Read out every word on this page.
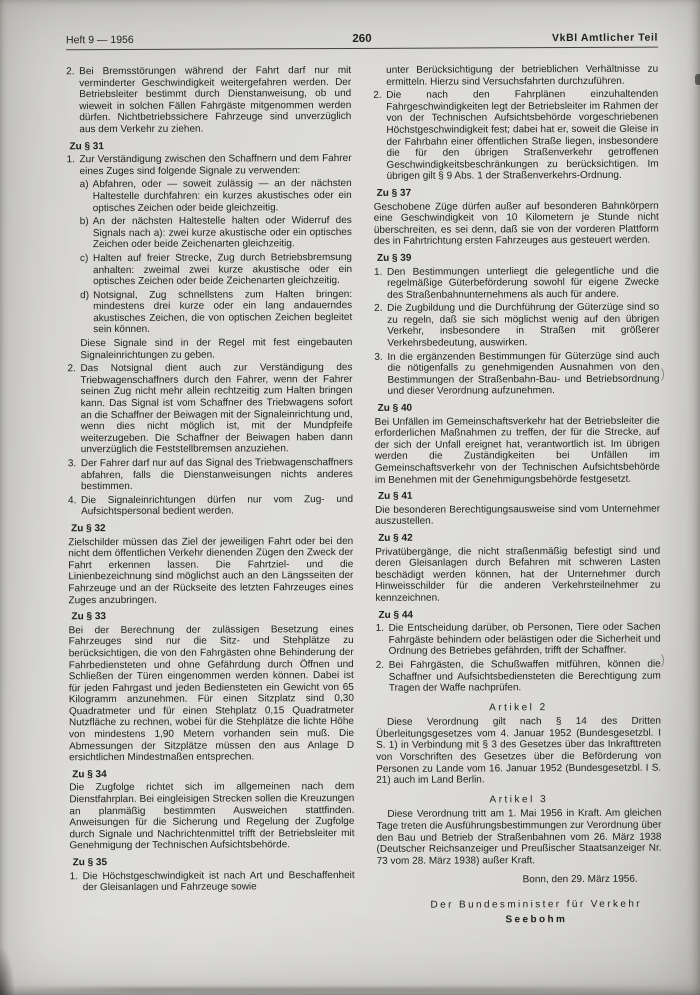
Heft 9 — 1956	260	VkBl Amtlicher Teil
2. Bei Bremsstörungen während der Fahrt darf nur mit verminderter Geschwindigkeit weitergefahren werden. Der Betriebsleiter bestimmt durch Dienstanweisung, ob und wieweit in solchen Fällen Fahrgäste mitgenommen werden dürfen. Nichtbetriebssichere Fahrzeuge sind unverzüglich aus dem Verkehr zu ziehen.
Zu § 31
1. Zur Verständigung zwischen den Schaffnern und dem Fahrer eines Zuges sind folgende Signale zu verwenden:
a) Abfahren, oder — soweit zulässig — an der nächsten Haltestelle durchfahren: ein kurzes akustisches oder ein optisches Zeichen oder beide gleichzeitig.
b) An der nächsten Haltestelle halten oder Widerruf des Signals nach a): zwei kurze akustische oder ein optisches Zeichen oder beide Zeichenarten gleichzeitig.
c) Halten auf freier Strecke, Zug durch Betriebsbremsung anhalten: zweimal zwei kurze akustische oder ein optisches Zeichen oder beide Zeichenarten gleichzeitig.
d) Notsignal, Zug schnellstens zum Halten bringen: mindestens drei kurze oder ein lang andauerndes akustisches Zeichen, die von optischen Zeichen begleitet sein können.
Diese Signale sind in der Regel mit fest eingebauten Signaleinrichtungen zu geben.
2. Das Notsignal dient auch zur Verständigung des Triebwagenschaffners durch den Fahrer, wenn der Fahrer seinen Zug nicht mehr allein rechtzeitig zum Halten bringen kann. Das Signal ist vom Schaffner des Triebwagens sofort an die Schaffner der Beiwagen mit der Signaleinrichtung und, wenn dies nicht möglich ist, mit der Mundpfeife weiterzugeben. Die Schaffner der Beiwagen haben dann unverzüglich die Feststellbremsen anzuziehen.
3. Der Fahrer darf nur auf das Signal des Triebwagenschaffners abfahren, falls die Dienstanweisungen nichts anderes bestimmen.
4. Die Signaleinrichtungen dürfen nur vom Zug- und Aufsichtspersonal bedient werden.
Zu § 32
Zielschilder müssen das Ziel der jeweiligen Fahrt oder bei den nicht dem öffentlichen Verkehr dienenden Zügen den Zweck der Fahrt erkennen lassen. Die Fahrtziel- und die Linienbezeichnung sind möglichst auch an den Längsseiten der Fahrzeuge und an der Rückseite des letzten Fahrzeuges eines Zuges anzubringen.
Zu § 33
Bei der Berechnung der zulässigen Besetzung eines Fahrzeuges sind nur die Sitz- und Stehplätze zu berücksichtigen, die von den Fahrgästen ohne Behinderung der Fahrbediensteten und ohne Gefährdung durch Öffnen und Schließen der Türen eingenommen werden können. Dabei ist für jeden Fahrgast und jeden Bediensteten ein Gewicht von 65 Kilogramm anzunehmen. Für einen Sitzplatz sind 0,30 Quadratmeter und für einen Stehplatz 0,15 Quadratmeter Nutzfläche zu rechnen, wobei für die Stehplätze die lichte Höhe von mindestens 1,90 Metern vorhanden sein muß. Die Abmessungen der Sitzplätze müssen den aus Anlage D ersichtlichen Mindestmaßen entsprechen.
Zu § 34
Die Zugfolge richtet sich im allgemeinen nach dem Dienstfahrplan. Bei eingleisigen Strecken sollen die Kreuzungen an planmäßig bestimmten Ausweichen stattfinden. Anweisungen für die Sicherung und Regelung der Zugfolge durch Signale und Nachrichtenmittel trifft der Betriebsleiter mit Genehmigung der Technischen Aufsichtsbehörde.
Zu § 35
1. Die Höchstgeschwindigkeit ist nach Art und Beschaffenheit der Gleisanlagen und Fahrzeuge sowie
unter Berücksichtigung der betrieblichen Verhältnisse zu ermitteln. Hierzu sind Versuchsfahrten durchzuführen.
2. Die nach den Fahrplänen einzuhaltenden Fahrgeschwindigkeiten legt der Betriebsleiter im Rahmen der von der Technischen Aufsichtsbehörde vorgeschriebenen Höchstgeschwindigkeit fest; dabei hat er, soweit die Gleise in der Fahrbahn einer öffentlichen Straße liegen, insbesondere die für den übrigen Straßenverkehr getroffenen Geschwindigkeitsbeschränkungen zu berücksichtigen. Im übrigen gilt § 9 Abs. 1 der Straßenverkehrs-Ordnung.
Zu § 37
Geschobene Züge dürfen außer auf besonderen Bahnkörpern eine Geschwindigkeit von 10 Kilometern je Stunde nicht überschreiten, es sei denn, daß sie von der vorderen Plattform des in Fahrtrichtung ersten Fahrzeuges aus gesteuert werden.
Zu § 39
1. Den Bestimmungen unterliegt die gelegentliche und die regelmäßige Güterbeförderung sowohl für eigene Zwecke des Straßenbahnunternehmens als auch für andere.
2. Die Zugbildung und die Durchführung der Güterzüge sind so zu regeln, daß sie sich möglichst wenig auf den übrigen Verkehr, insbesondere in Straßen mit größerer Verkehrsbedeutung, auswirken.
3. In die ergänzenden Bestimmungen für Güterzüge sind auch die nötigenfalls zu genehmigenden Ausnahmen von den Bestimmungen der Straßenbahn-Bau- und Betriebsordnung und dieser Verordnung aufzunehmen.
Zu § 40
Bei Unfällen im Gemeinschaftsverkehr hat der Betriebsleiter die erforderlichen Maßnahmen zu treffen, der für die Strecke, auf der sich der Unfall ereignet hat, verantwortlich ist. Im übrigen werden die Zuständigkeiten bei Unfällen im Gemeinschaftsverkehr von der Technischen Aufsichtsbehörde im Benehmen mit der Genehmigungsbehörde festgesetzt.
Zu § 41
Die besonderen Berechtigungsausweise sind vom Unternehmer auszustellen.
Zu § 42
Privatübergänge, die nicht straßenmäßig befestigt sind und deren Gleisanlagen durch Befahren mit schweren Lasten beschädigt werden können, hat der Unternehmer durch Hinweisschilder für die anderen Verkehrsteilnehmer zu kennzeichnen.
Zu § 44
1. Die Entscheidung darüber, ob Personen, Tiere oder Sachen Fahrgäste behindern oder belästigen oder die Sicherheit und Ordnung des Betriebes gefährden, trifft der Schaffner.
2. Bei Fahrgästen, die Schußwaffen mitführen, können die Schaffner und Aufsichtsbediensteten die Berechtigung zum Tragen der Waffe nachprüfen.
Artikel 2
Diese Verordnung gilt nach § 14 des Dritten Überleitungsgesetzes vom 4. Januar 1952 (Bundesgesetzbl. I S. 1) in Verbindung mit § 3 des Gesetzes über das Inkrafttreten von Vorschriften des Gesetzes über die Beförderung von Personen zu Lande vom 16. Januar 1952 (Bundesgesetzbl. I S. 21) auch im Land Berlin.
Artikel 3
Diese Verordnung tritt am 1. Mai 1956 in Kraft. Am gleichen Tage treten die Ausführungsbestimmungen zur Verordnung über den Bau und Betrieb der Straßenbahnen vom 26. März 1938 (Deutscher Reichsanzeiger und Preußischer Staatsanzeiger Nr. 73 vom 28. März 1938) außer Kraft.
Bonn, den 29. März 1956.
Der Bundesminister für Verkehr
Seebohm
